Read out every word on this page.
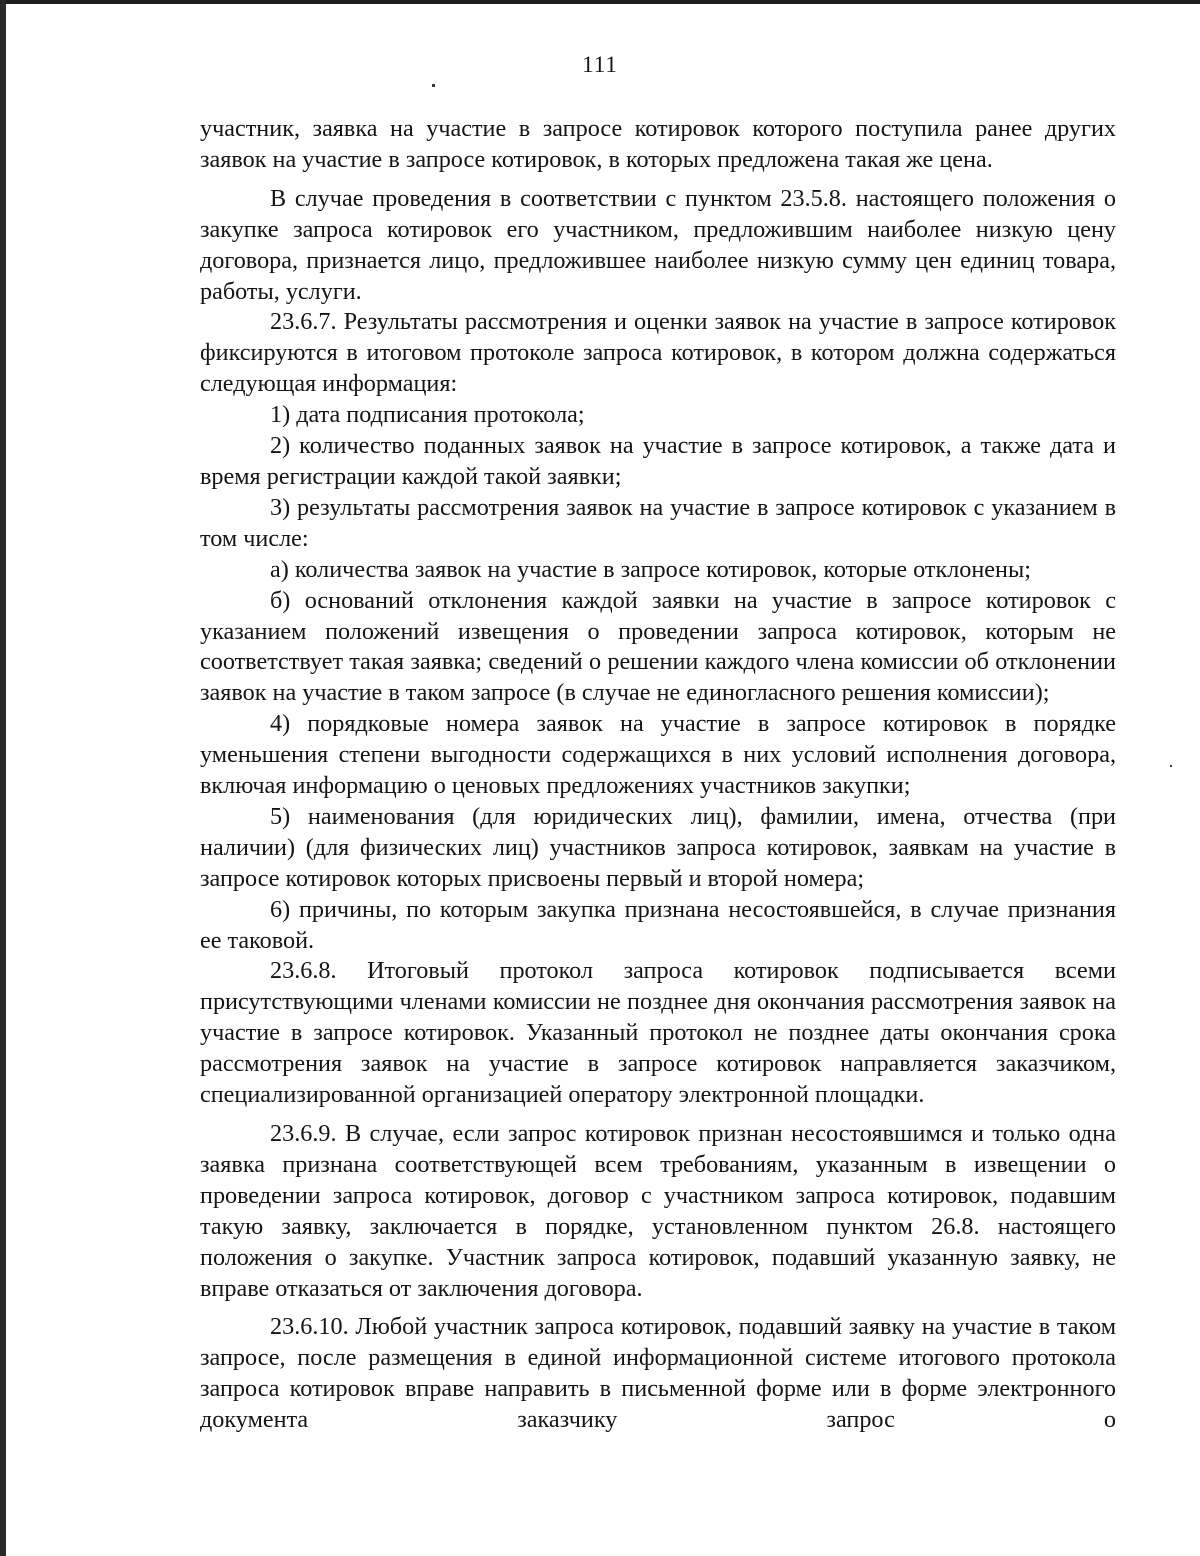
111

участник, заявка на участие в запросе котировок которого поступила ранее других заявок на участие в запросе котировок, в которых предложена такая же цена.

В случае проведения в соответствии с пунктом 23.5.8. настоящего положения о закупке запроса котировок его участником, предложившим наиболее низкую цену договора, признается лицо, предложившее наиболее низкую сумму цен единиц товара, работы, услуги.

23.6.7. Результаты рассмотрения и оценки заявок на участие в запросе котировок фиксируются в итоговом протоколе запроса котировок, в котором должна содержаться следующая информация:

1) дата подписания протокола;

2) количество поданных заявок на участие в запросе котировок, а также дата и время регистрации каждой такой заявки;

3) результаты рассмотрения заявок на участие в запросе котировок с указанием в том числе:

а) количества заявок на участие в запросе котировок, которые отклонены;

б) оснований отклонения каждой заявки на участие в запросе котировок с указанием положений извещения о проведении запроса котировок, которым не соответствует такая заявка; сведений о решении каждого члена комиссии об отклонении заявок на участие в таком запросе (в случае не единогласного решения комиссии);

4) порядковые номера заявок на участие в запросе котировок в порядке уменьшения степени выгодности содержащихся в них условий исполнения договора, включая информацию о ценовых предложениях участников закупки;

5) наименования (для юридических лиц), фамилии, имена, отчества (при наличии) (для физических лиц) участников запроса котировок, заявкам на участие в запросе котировок которых присвоены первый и второй номера;

6) причины, по которым закупка признана несостоявшейся, в случае признания ее таковой.

23.6.8. Итоговый протокол запроса котировок подписывается всеми присутствующими членами комиссии не позднее дня окончания рассмотрения заявок на участие в запросе котировок. Указанный протокол не позднее даты окончания срока рассмотрения заявок на участие в запросе котировок направляется заказчиком, специализированной организацией оператору электронной площадки.

23.6.9. В случае, если запрос котировок признан несостоявшимся и только одна заявка признана соответствующей всем требованиям, указанным в извещении о проведении запроса котировок, договор с участником запроса котировок, подавшим такую заявку, заключается в порядке, установленном пунктом 26.8. настоящего положения о закупке. Участник запроса котировок, подавший указанную заявку, не вправе отказаться от заключения договора.

23.6.10. Любой участник запроса котировок, подавший заявку на участие в таком запросе, после размещения в единой информационной системе итогового протокола запроса котировок вправе направить в письменной форме или в форме электронного документа заказчику запрос о
